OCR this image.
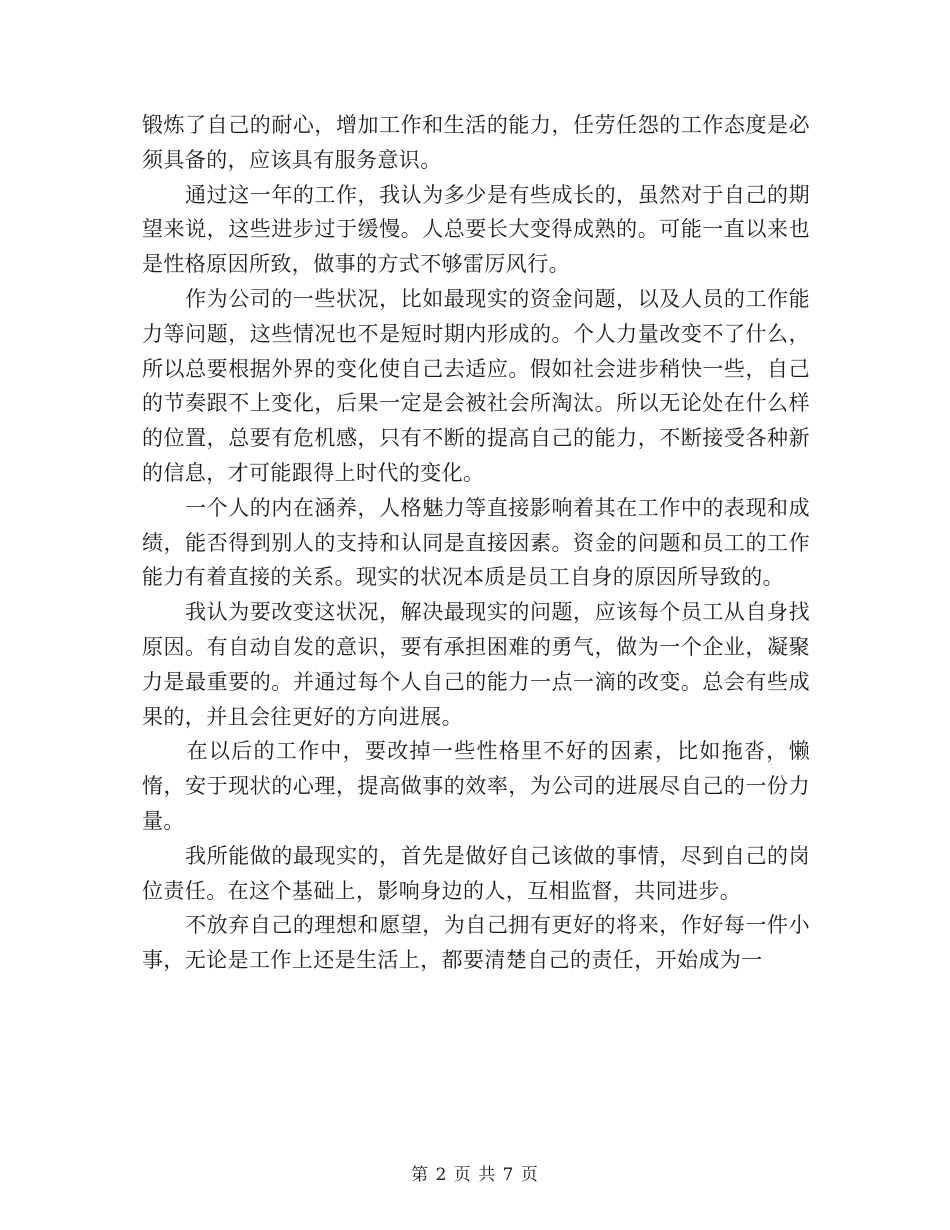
锻炼了自己的耐心，增加工作和生活的能力，任劳任怨的工作态度是必须具备的，应该具有服务意识。

　　通过这一年的工作，我认为多少是有些成长的，虽然对于自己的期望来说，这些进步过于缓慢。人总要长大变得成熟的。可能一直以来也是性格原因所致，做事的方式不够雷厉风行。

　　作为公司的一些状况，比如最现实的资金问题，以及人员的工作能力等问题，这些情况也不是短时期内形成的。个人力量改变不了什么，所以总要根据外界的变化使自己去适应。假如社会进步稍快一些，自己的节奏跟不上变化，后果一定是会被社会所淘汰。所以无论处在什么样的位置，总要有危机感，只有不断的提高自己的能力，不断接受各种新的信息，才可能跟得上时代的变化。

　　一个人的内在涵养，人格魅力等直接影响着其在工作中的表现和成绩，能否得到别人的支持和认同是直接因素。资金的问题和员工的工作能力有着直接的关系。现实的状况本质是员工自身的原因所导致的。

　　我认为要改变这状况，解决最现实的问题，应该每个员工从自身找原因。有自动自发的意识，要有承担困难的勇气，做为一个企业，凝聚力是最重要的。并通过每个人自己的能力一点一滴的改变。总会有些成果的，并且会往更好的方向进展。

　　在以后的工作中，要改掉一些性格里不好的因素，比如拖沓，懒惰，安于现状的心理，提高做事的效率，为公司的进展尽自己的一份力量。

　　我所能做的最现实的，首先是做好自己该做的事情，尽到自己的岗位责任。在这个基础上，影响身边的人，互相监督，共同进步。

　　不放弃自己的理想和愿望，为自己拥有更好的将来，作好每一件小事，无论是工作上还是生活上，都要清楚自己的责任，开始成为一

第 2 页 共 7 页
